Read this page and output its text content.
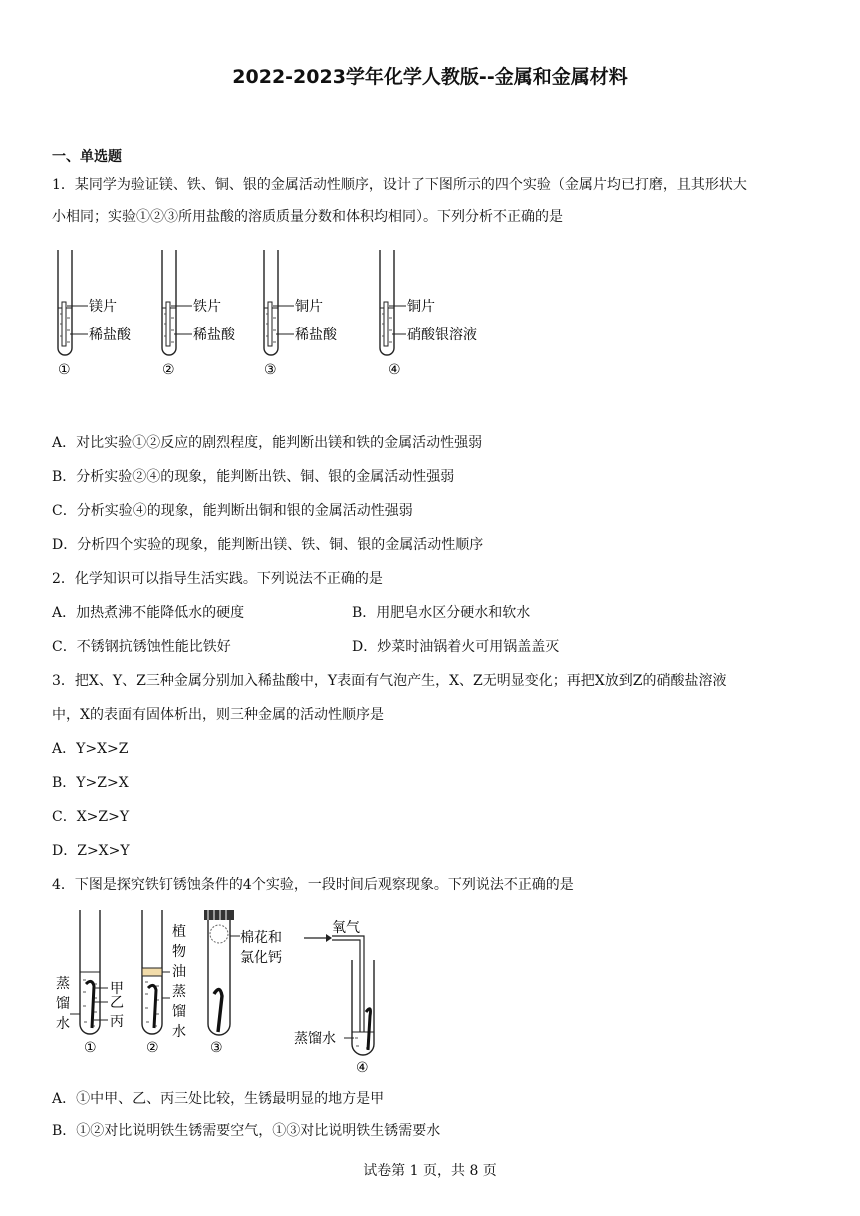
2022-2023学年化学人教版--金属和金属材料
一、单选题
1．某同学为验证镁、铁、铜、银的金属活动性顺序，设计了下图所示的四个实验（金属片均已打磨，且其形状大
小相同；实验①②③所用盐酸的溶质质量分数和体积均相同）。下列分析不正确的是
镁片
稀盐酸
①
铁片
稀盐酸
②
铜片
稀盐酸
③
铜片
硝酸银溶液
④
A．对比实验①②反应的剧烈程度，能判断出镁和铁的金属活动性强弱
B．分析实验②④的现象，能判断出铁、铜、银的金属活动性强弱
C．分析实验④的现象，能判断出铜和银的金属活动性强弱
D．分析四个实验的现象，能判断出镁、铁、铜、银的金属活动性顺序
2．化学知识可以指导生活实践。下列说法不正确的是
A．加热煮沸不能降低水的硬度	B．用肥皂水区分硬水和软水
C．不锈钢抗锈蚀性能比铁好	D．炒菜时油锅着火可用锅盖盖灭
3．把X、Y、Z三种金属分别加入稀盐酸中，Y表面有气泡产生，X、Z无明显变化；再把X放到Z的硝酸盐溶液
中，X的表面有固体析出，则三种金属的活动性顺序是
A．Y>X>Z
B．Y>Z>X
C．X>Z>Y
D．Z>X>Y
4．下图是探究铁钉锈蚀条件的4个实验，一段时间后观察现象。下列说法不正确的是
蒸
馏
水
甲
乙
丙
①
植
物
油
蒸
馏
水
②
棉花和
氯化钙
③
氧气
蒸馏水
④
A．①中甲、乙、丙三处比较，生锈最明显的地方是甲
B．①②对比说明铁生锈需要空气，①③对比说明铁生锈需要水
试卷第 1 页，共 8 页
